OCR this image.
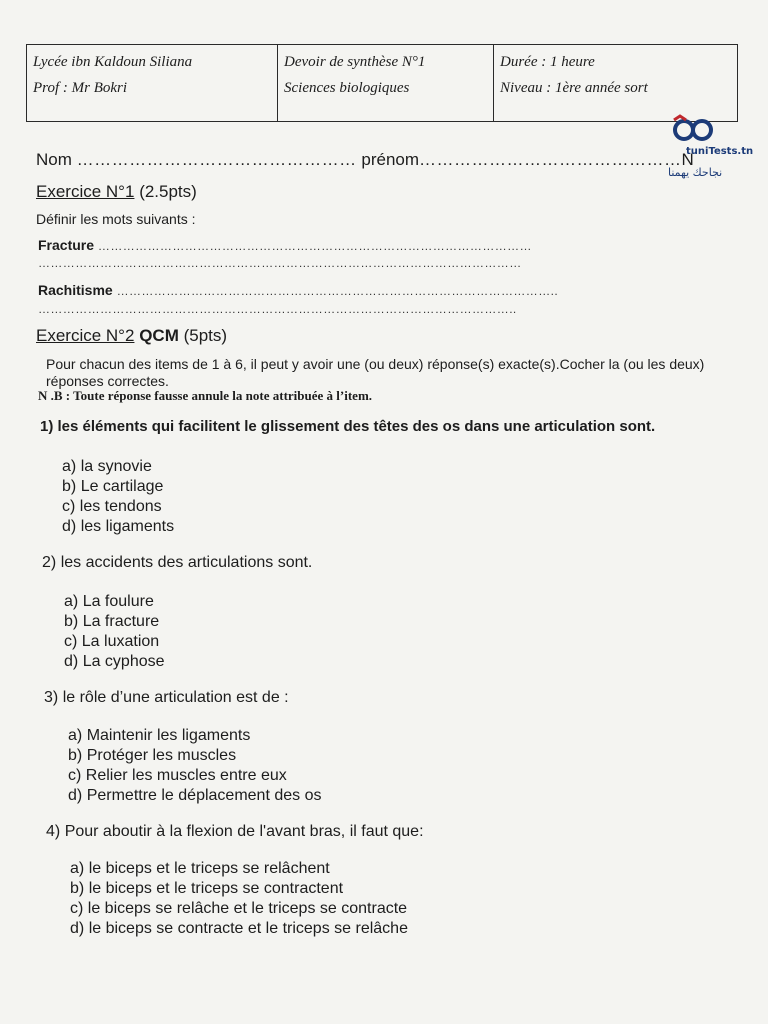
Lycée ibn Kaldoun Siliana
Prof : Mr Bokri
Devoir de synthèse N°1
Sciences biologiques
Durée : 1 heure
Niveau : 1ère année sort
tuniTests.tn
نجاحك يهمنا
Nom ………………………………………… prénom………………………………………N
Exercice N°1 (2.5pts)
Définir les mots suivants :
Fracture ……………………………………………………………………………………………
………………………………………………………………………………………………………
Rachitisme ……………………………………………………………………………………………..
……………………………………………………………………………………………………..
Exercice N°2 QCM (5pts)
Pour chacun des items de 1 à 6, il peut y avoir une (ou deux) réponse(s) exacte(s).Cocher la (ou les deux) réponses correctes.
N .B : Toute réponse fausse annule la note attribuée à l’item.
1) les éléments qui facilitent le glissement des têtes des os dans une articulation sont.
a) la synovie
b) Le cartilage
c) les tendons
d) les ligaments
2) les accidents des articulations sont.
a) La foulure
b) La fracture
c) La luxation
d) La cyphose
3) le rôle d’une articulation est de :
a) Maintenir les ligaments
b) Protéger les muscles
c) Relier les muscles entre eux
d) Permettre le déplacement des os
4) Pour aboutir à la flexion de l'avant bras, il faut que:
a) le biceps et le triceps se relâchent
b) le biceps et le triceps se contractent
c) le biceps se relâche et le triceps se contracte
d) le biceps se contracte et le triceps se relâche
